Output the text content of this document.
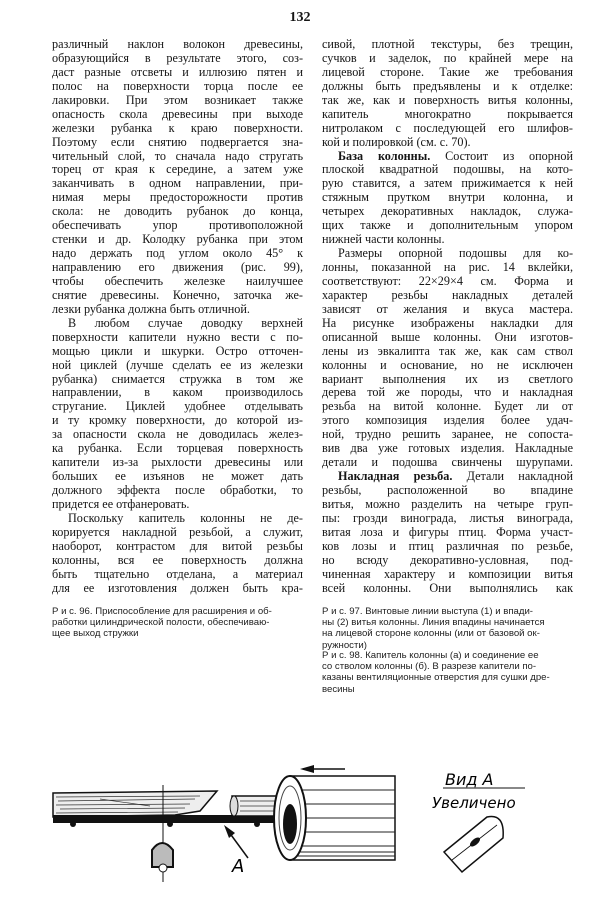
132
различный наклон волокон древесины,
образующийся в результате этого, соз-
даст разные отсветы и иллюзию пятен и
полос на поверхности торца после ее
лакировки. При этом возникает также
опасность скола древесины при выходе
железки рубанка к краю поверхности.
Поэтому если снятию подвергается зна-
чительный слой, то сначала надо стругать
торец от края к середине, а затем уже
заканчивать в одном направлении, при-
нимая меры предосторожности против
скола: не доводить рубанок до конца,
обеспечивать упор противоположной
стенки и др. Колодку рубанка при этом
надо держать под углом около 45° к
направлению его движения (рис. 99),
чтобы обеспечить железке наилучшее
снятие древесины. Конечно, заточка же-
лезки рубанка должна быть отличной.
В любом случае доводку верхней
поверхности капители нужно вести с по-
мощью цикли и шкурки. Остро отточен-
ной циклей (лучше сделать ее из железки
рубанка) снимается стружка в том же
направлении, в каком производилось
стругание. Циклей удобнее отделывать
и ту кромку поверхности, до которой из-
за опасности скола не доводилась желез-
ка рубанка. Если торцевая поверхность
капители из-за рыхлости древесины или
больших ее изъянов не может дать
должного эффекта после обработки, то
придется ее отфанеровать.
Поскольку капитель колонны не де-
корируется накладной резьбой, а служит,
наоборот, контрастом для витой резьбы
колонны, вся ее поверхность должна
быть тщательно отделана, а материал
для ее изготовления должен быть кра-
сивой, плотной текстуры, без трещин,
сучков и заделок, по крайней мере на
лицевой стороне. Такие же требования
должны быть предъявлены и к отделке:
так же, как и поверхность витья колонны,
капитель многократно покрывается
нитролаком с последующей его шлифов-
кой и полировкой (см. с. 70).
База колонны. Состоит из опорной
плоской квадратной подошвы, на кото-
рую ставится, а затем прижимается к ней
стяжным прутком внутри колонна, и
четырех декоративных накладок, служа-
щих также и дополнительным упором
нижней части колонны.
Размеры опорной подошвы для ко-
лонны, показанной на рис. 14 вклейки,
соответствуют: 22×29×4 см. Форма и
характер резьбы накладных деталей
зависят от желания и вкуса мастера.
На рисунке изображены накладки для
описанной выше колонны. Они изготов-
лены из эвкалипта так же, как сам ствол
колонны и основание, но не исключен
вариант выполнения их из светлого
дерева той же породы, что и накладная
резьба на витой колонне. Будет ли от
этого композиция изделия более удач-
ной, трудно решить заранее, не сопоста-
вив два уже готовых изделия. Накладные
детали и подошва свинчены шурупами.
Накладная резьба. Детали накладной
резьбы, расположенной во впадине
витья, можно разделить на четыре груп-
пы: грозди винограда, листья винограда,
витая лоза и фигуры птиц. Форма участ-
ков лозы и птиц различная по резьбе,
но всюду декоративно-условная, под-
чиненная характеру и композиции витья
всей колонны. Они выполнялись как
Р и с. 96. Приспособление для расширения и об-
работки цилиндрической полости, обеспечиваю-
щее выход стружки
Р и с. 97. Винтовые линии выступа (1) и впади-
ны (2) витья колонны. Линия впадины начинается
на лицевой стороне колонны (или от базовой ок-
ружности)
Р и с. 98. Капитель колонны (а) и соединение ее
со стволом колонны (б). В разрезе капители по-
казаны вентиляционные отверстия для сушки дре-
весины
А
Вид А
Увеличено
